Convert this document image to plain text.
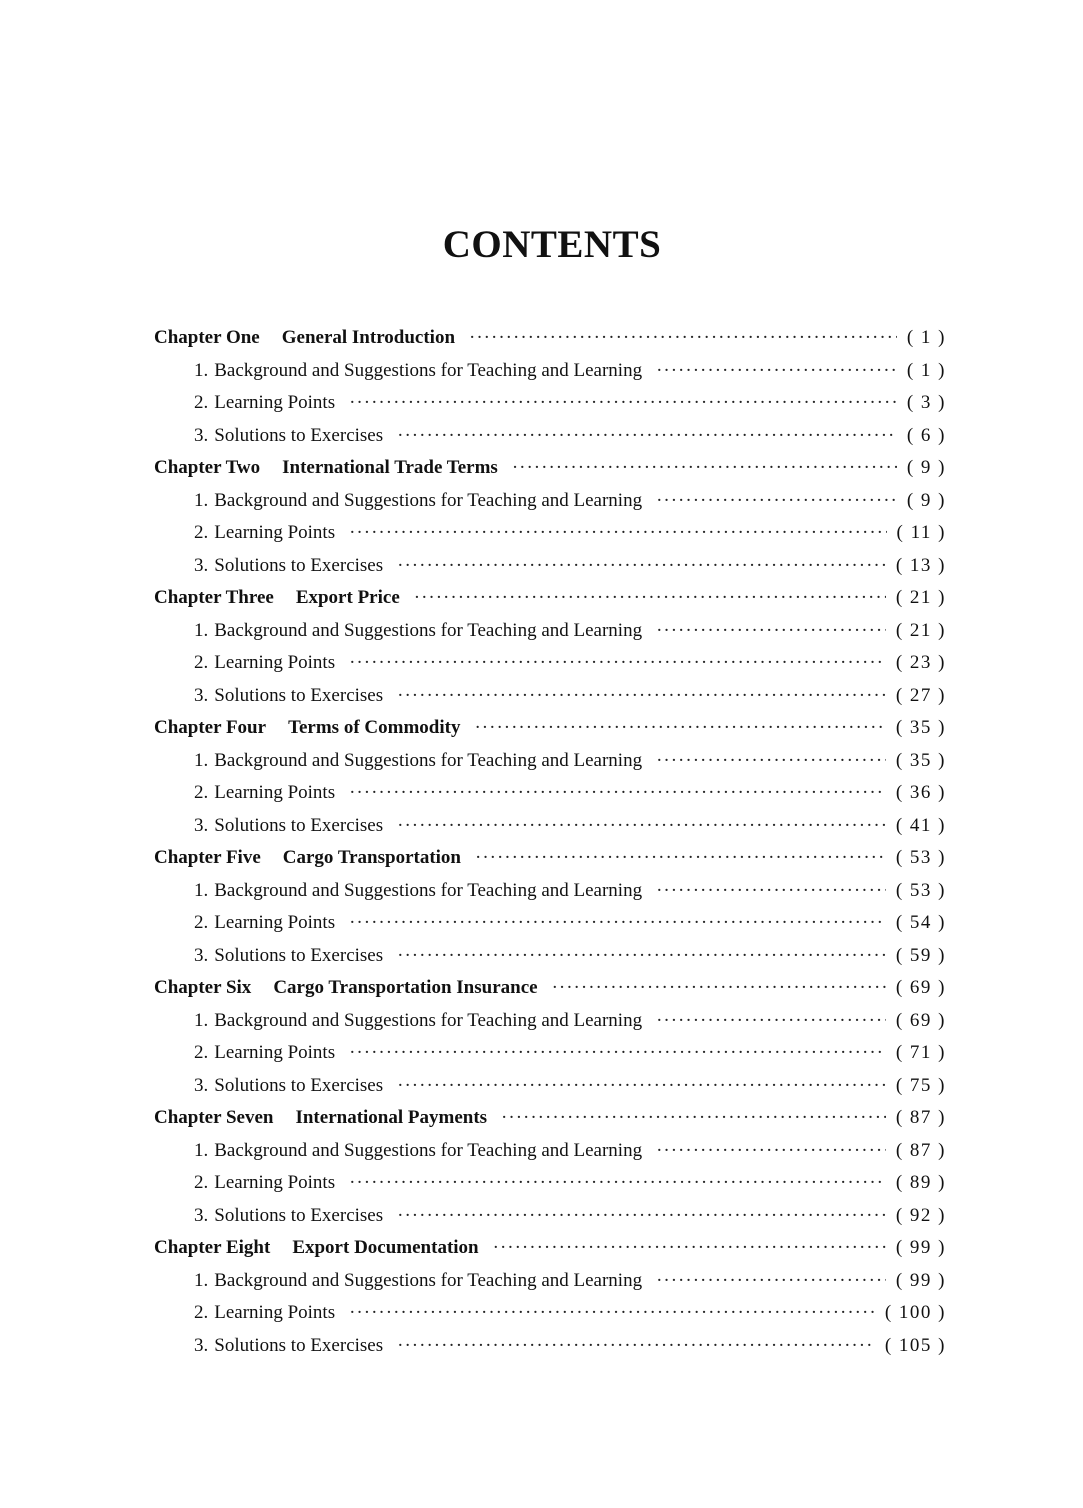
CONTENTS
Chapter One General Introduction ·····	( 1 )
1. Background and Suggestions for Teaching and Learning ·····	( 1 )
2. Learning Points ·····	( 3 )
3. Solutions to Exercises ·····	( 6 )
Chapter Two International Trade Terms ·····	( 9 )
1. Background and Suggestions for Teaching and Learning ·····	( 9 )
2. Learning Points ·····	( 11 )
3. Solutions to Exercises ·····	( 13 )
Chapter Three Export Price ·····	( 21 )
1. Background and Suggestions for Teaching and Learning ·····	( 21 )
2. Learning Points ·····	( 23 )
3. Solutions to Exercises ·····	( 27 )
Chapter Four Terms of Commodity ·····	( 35 )
1. Background and Suggestions for Teaching and Learning ·····	( 35 )
2. Learning Points ·····	( 36 )
3. Solutions to Exercises ·····	( 41 )
Chapter Five Cargo Transportation ·····	( 53 )
1. Background and Suggestions for Teaching and Learning ·····	( 53 )
2. Learning Points ·····	( 54 )
3. Solutions to Exercises ·····	( 59 )
Chapter Six Cargo Transportation Insurance ·····	( 69 )
1. Background and Suggestions for Teaching and Learning ·····	( 69 )
2. Learning Points ·····	( 71 )
3. Solutions to Exercises ·····	( 75 )
Chapter Seven International Payments ·····	( 87 )
1. Background and Suggestions for Teaching and Learning ·····	( 87 )
2. Learning Points ·····	( 89 )
3. Solutions to Exercises ·····	( 92 )
Chapter Eight Export Documentation ·····	( 99 )
1. Background and Suggestions for Teaching and Learning ·····	( 99 )
2. Learning Points ·····	( 100 )
3. Solutions to Exercises ·····	( 105 )
